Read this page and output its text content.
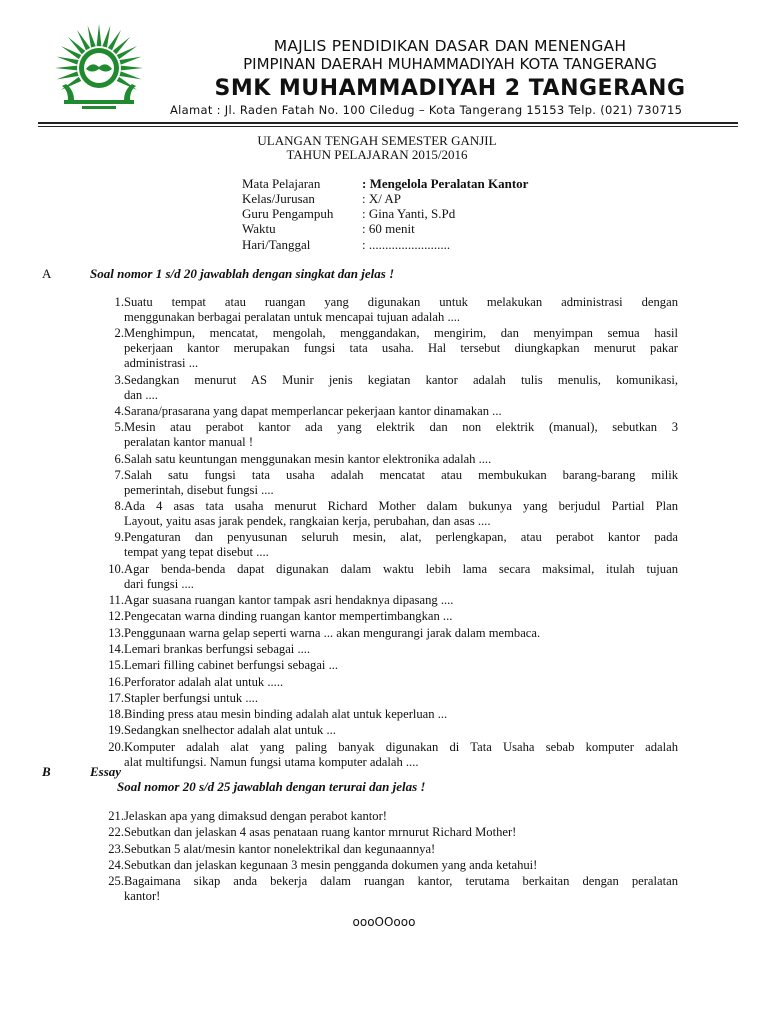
MAJLIS PENDIDIKAN DASAR DAN MENENGAH
PIMPINAN DAERAH MUHAMMADIYAH KOTA TANGERANG
SMK MUHAMMADIYAH 2 TANGERANG
Alamat : Jl. Raden Fatah No. 100 Ciledug – Kota Tangerang 15153 Telp. (021) 730715
ULANGAN TENGAH SEMESTER GANJIL
TAHUN PELAJARAN 2015/2016
Mata Pelajaran	: Mengelola Peralatan Kantor
Kelas/Jurusan	: X/ AP
Guru Pengampuh : Gina Yanti, S.Pd
Waktu	: 60 menit
Hari/Tanggal	: .........................
A	Soal nomor 1 s/d 20 jawablah dengan singkat dan jelas !
1. Suatu tempat atau ruangan yang digunakan untuk melakukan administrasi dengan
menggunakan berbagai peralatan untuk mencapai tujuan adalah ....
2. Menghimpun, mencatat, mengolah, menggandakan, mengirim, dan menyimpan semua hasil
pekerjaan kantor merupakan fungsi tata usaha. Hal tersebut diungkapkan menurut pakar
administrasi ...
3. Sedangkan menurut AS Munir jenis kegiatan kantor adalah tulis menulis, komunikasi,
dan ....
4. Sarana/prasarana yang dapat memperlancar pekerjaan kantor dinamakan ...
5. Mesin atau perabot kantor ada yang elektrik dan non elektrik (manual), sebutkan 3
peralatan kantor manual !
6. Salah satu keuntungan menggunakan mesin kantor elektronika adalah ....
7. Salah satu fungsi tata usaha adalah mencatat atau membukukan barang-barang milik
pemerintah, disebut fungsi ....
8. Ada 4 asas tata usaha menurut Richard Mother dalam bukunya yang berjudul Partial Plan
Layout, yaitu asas jarak pendek, rangkaian kerja, perubahan, dan asas ....
9. Pengaturan dan penyusunan seluruh mesin, alat, perlengkapan, atau perabot kantor pada
tempat yang tepat disebut ....
10. Agar benda-benda dapat digunakan dalam waktu lebih lama secara maksimal, itulah tujuan
dari fungsi ....
11. Agar suasana ruangan kantor tampak asri hendaknya dipasang ....
12. Pengecatan warna dinding ruangan kantor mempertimbangkan ...
13. Penggunaan warna gelap seperti warna ... akan mengurangi jarak dalam membaca.
14. Lemari brankas berfungsi sebagai ....
15. Lemari filling cabinet berfungsi sebagai ...
16. Perforator adalah alat untuk .....
17. Stapler berfungsi untuk ....
18. Binding press atau mesin binding adalah alat untuk keperluan ...
19. Sedangkan snelhector adalah alat untuk ...
20. Komputer adalah alat yang paling banyak digunakan di Tata Usaha sebab komputer adalah
alat multifungsi. Namun fungsi utama komputer adalah ....
B	Essay
Soal nomor 20 s/d 25 jawablah dengan terurai dan jelas !
21. Jelaskan apa yang dimaksud dengan perabot kantor!
22. Sebutkan dan jelaskan 4 asas penataan ruang kantor mrnurut Richard Mother!
23. Sebutkan 5 alat/mesin kantor nonelektrikal dan kegunaannya!
24. Sebutkan dan jelaskan kegunaan 3 mesin pengganda dokumen yang anda ketahui!
25. Bagaimana sikap anda bekerja dalam ruangan kantor, terutama berkaitan dengan peralatan
kantor!
oooOOooo
